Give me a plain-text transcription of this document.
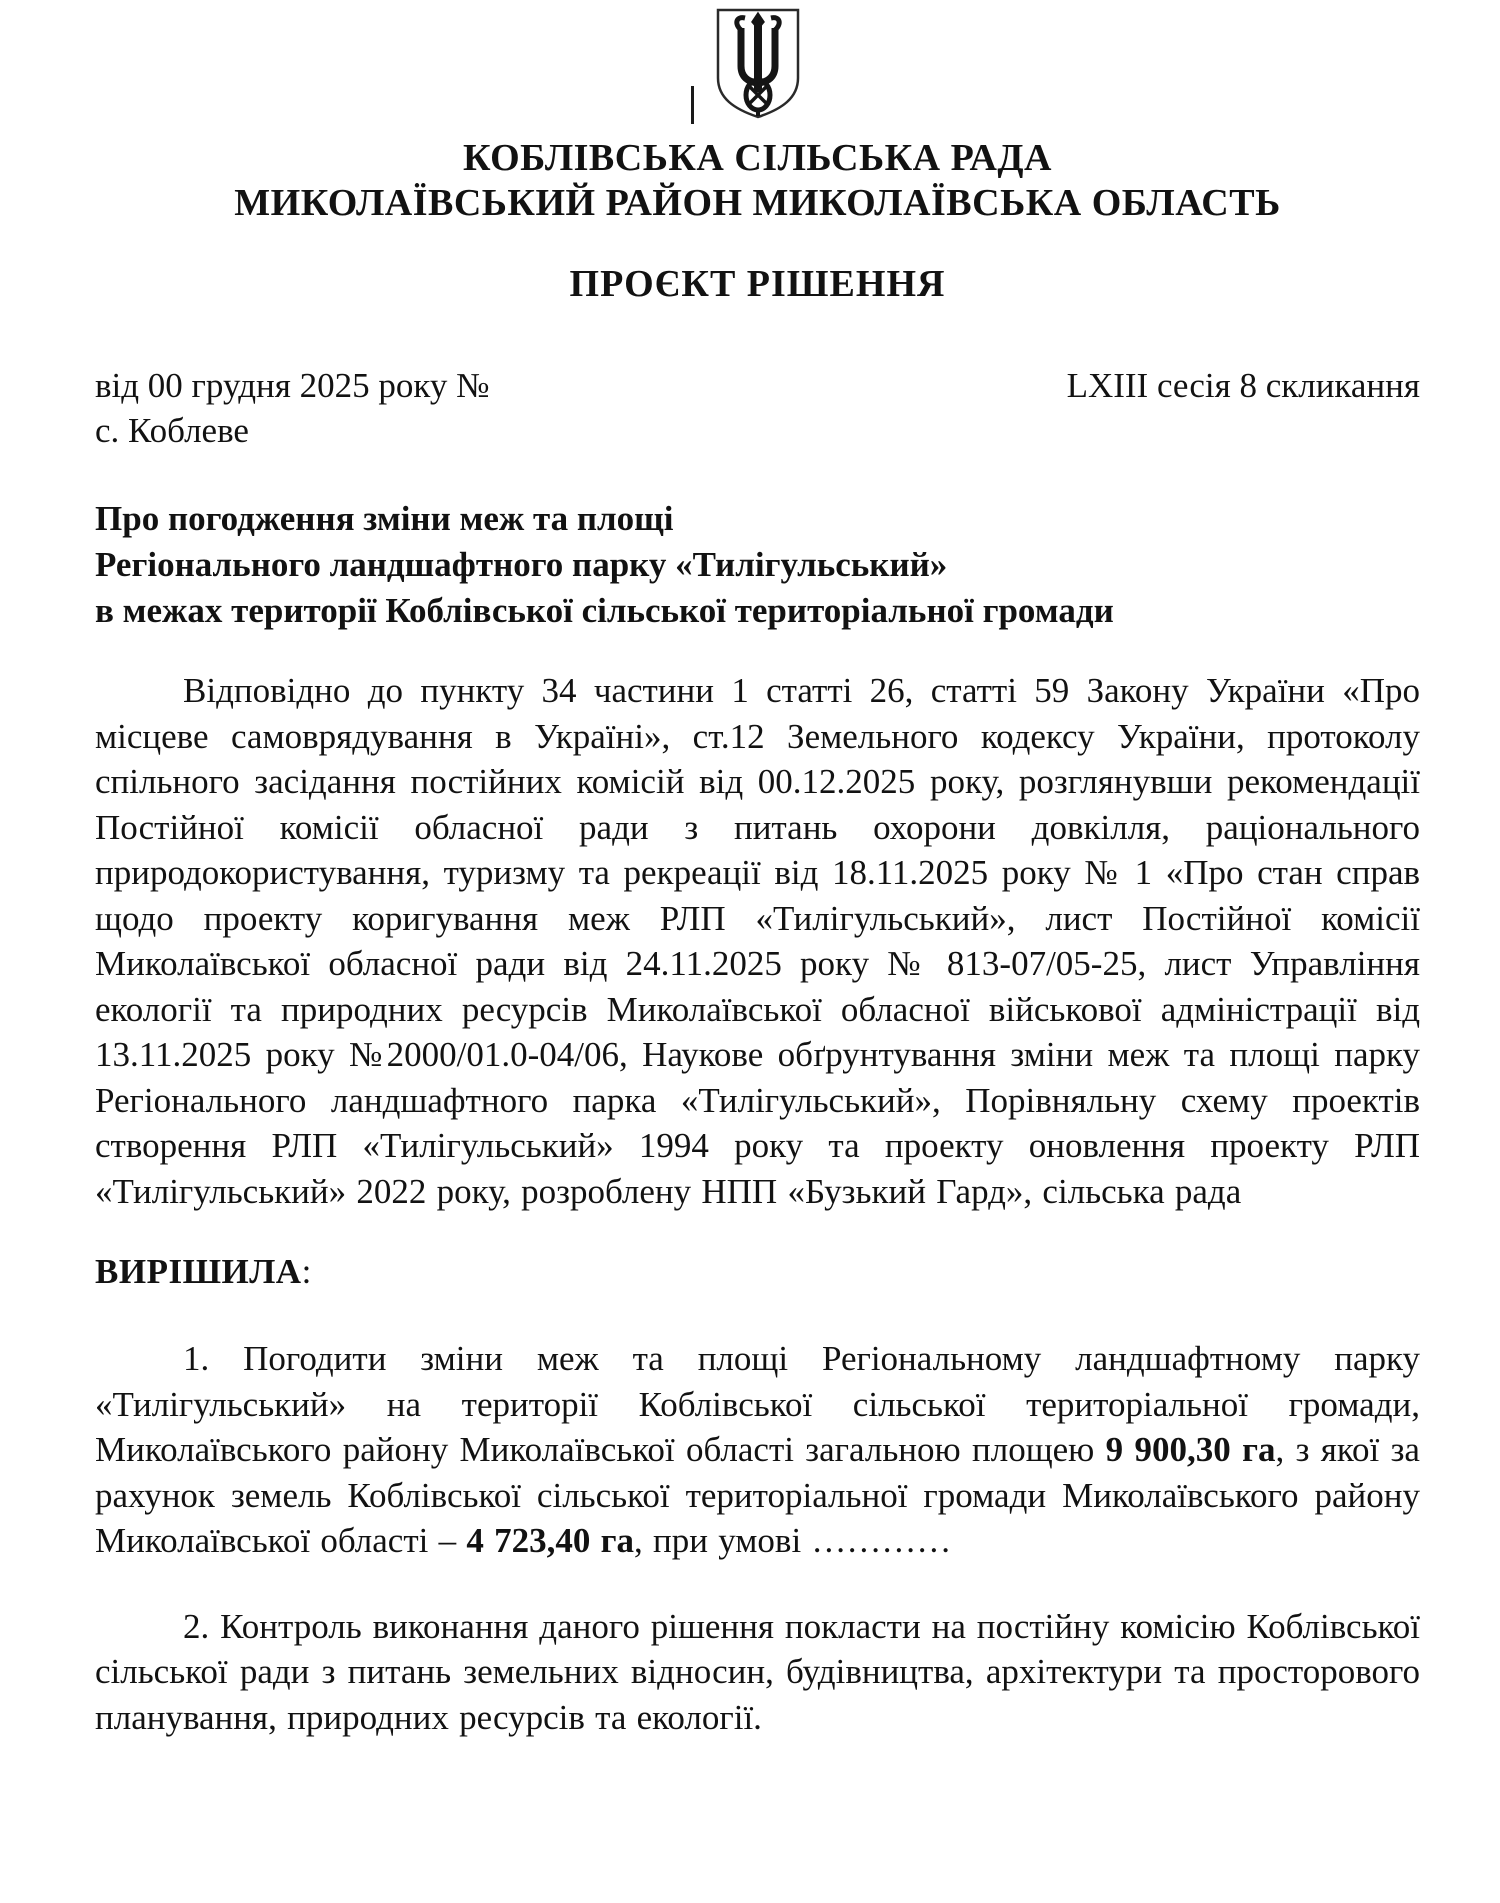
КОБЛІВСЬКА СІЛЬСЬКА РАДА
МИКОЛАЇВСЬКИЙ РАЙОН МИКОЛАЇВСЬКА ОБЛАСТЬ
ПРОЄКТ РІШЕННЯ
від 00 грудня 2025 року №	LXIII сесія 8 скликання
с. Коблеве
Про погодження зміни меж та площі
Регіонального ландшафтного парку «Тилігульський»
в межах території Коблівської сільської територіальної громади

Відповідно до пункту 34 частини 1 статті 26, статті 59 Закону України «Про місцеве самоврядування в Україні», ст.12 Земельного кодексу України, протоколу спільного засідання постійних комісій від 00.12.2025 року, розглянувши рекомендації Постійної комісії обласної ради з питань охорони довкілля, раціонального природокористування, туризму та рекреації від 18.11.2025 року № 1 «Про стан справ щодо проекту коригування меж РЛП «Тилігульський», лист Постійної комісії Миколаївської обласної ради від 24.11.2025 року № 813-07/05-25, лист Управління екології та природних ресурсів Миколаївської обласної військової адміністрації від 13.11.2025 року №2000/01.0-04/06, Наукове обґрунтування зміни меж та площі парку Регіонального ландшафтного парка «Тилігульський», Порівняльну схему проектів створення РЛП «Тилігульський» 1994 року та проекту оновлення проекту РЛП «Тилігульський» 2022 року, розроблену НПП «Бузький Гард», сільська рада

ВИРІШИЛА:

1. Погодити зміни меж та площі Регіональному ландшафтному парку «Тилігульський» на території Коблівської сільської територіальної громади, Миколаївського району Миколаївської області загальною площею 9 900,30 га, з якої за рахунок земель Коблівської сільської територіальної громади Миколаївського району Миколаївської області – 4 723,40 га, при умові …………

2. Контроль виконання даного рішення покласти на постійну комісію Коблівської сільської ради з питань земельних відносин, будівництва, архітектури та просторового планування, природних ресурсів та екології.
